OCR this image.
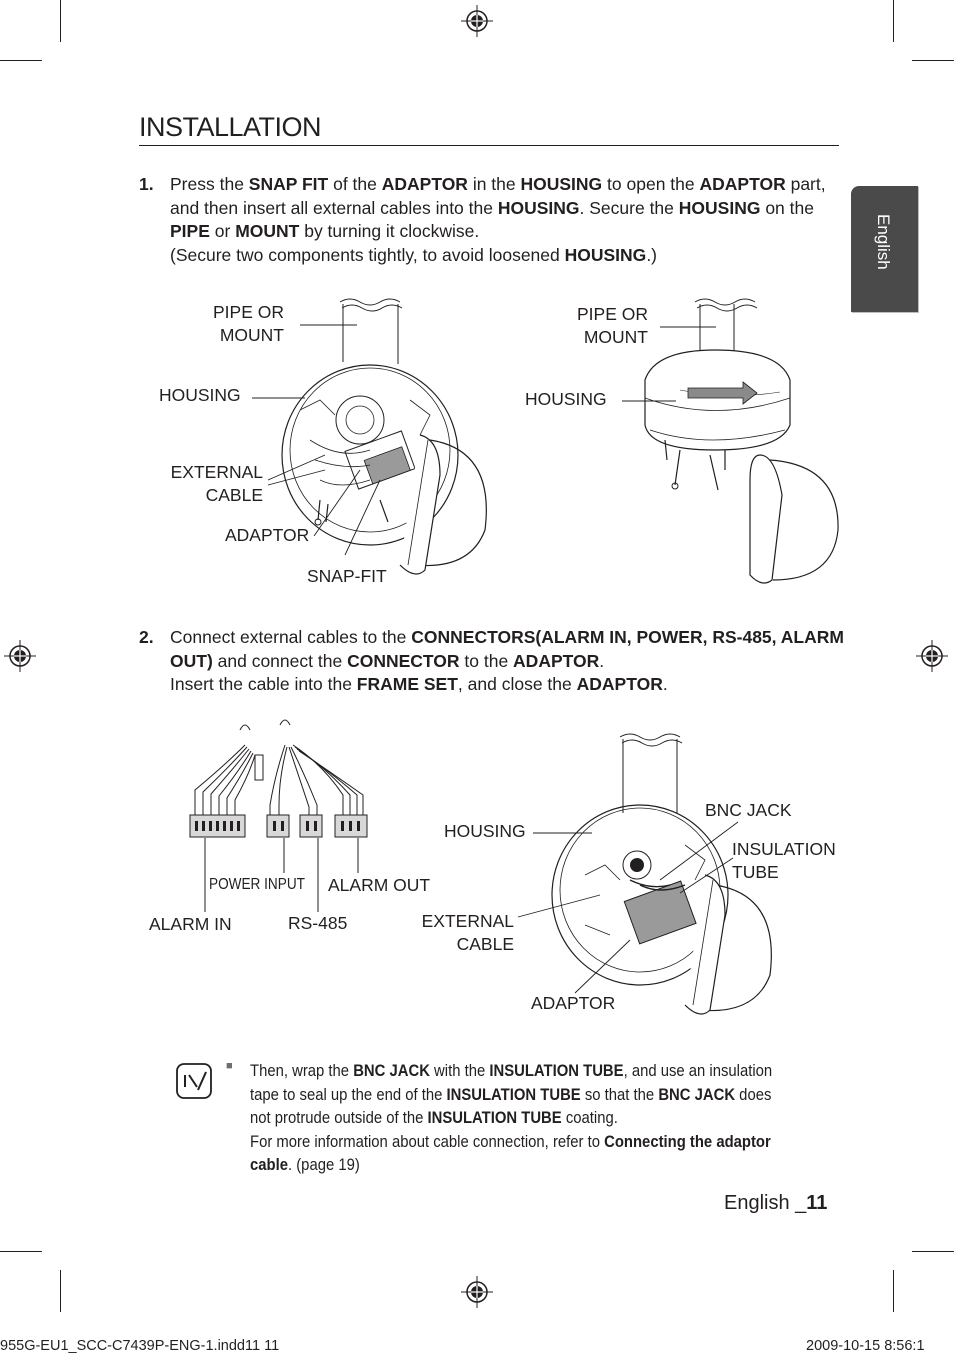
English
INSTALLATION
1. Press the SNAP FIT of the ADAPTOR in the HOUSING to open the ADAPTOR part, and then insert all external cables into the HOUSING. Secure the HOUSING on the PIPE or MOUNT by turning it clockwise.
(Secure two components tightly, to avoid loosened HOUSING.)
PIPE OR
MOUNT
HOUSING
EXTERNAL
CABLE
ADAPTOR
SNAP-FIT
PIPE OR
MOUNT
HOUSING
2. Connect external cables to the CONNECTORS(ALARM IN, POWER, RS-485, ALARM OUT) and connect the CONNECTOR to the ADAPTOR.
Insert the cable into the FRAME SET, and close the ADAPTOR.
POWER INPUT ALARM OUT
ALARM IN	RS-485
HOUSING
BNC JACK
INSULATION
TUBE
EXTERNAL
CABLE
ADAPTOR
■ Then, wrap the BNC JACK with the INSULATION TUBE, and use an insulation tape to seal up the end of the INSULATION TUBE so that the BNC JACK does not protrude outside of the INSULATION TUBE coating.
For more information about cable connection, refer to Connecting the adaptor cable. (page 19)
English _11
955G-EU1_SCC-C7439P-ENG-1.indd11 11	2009-10-15 8:56:1
